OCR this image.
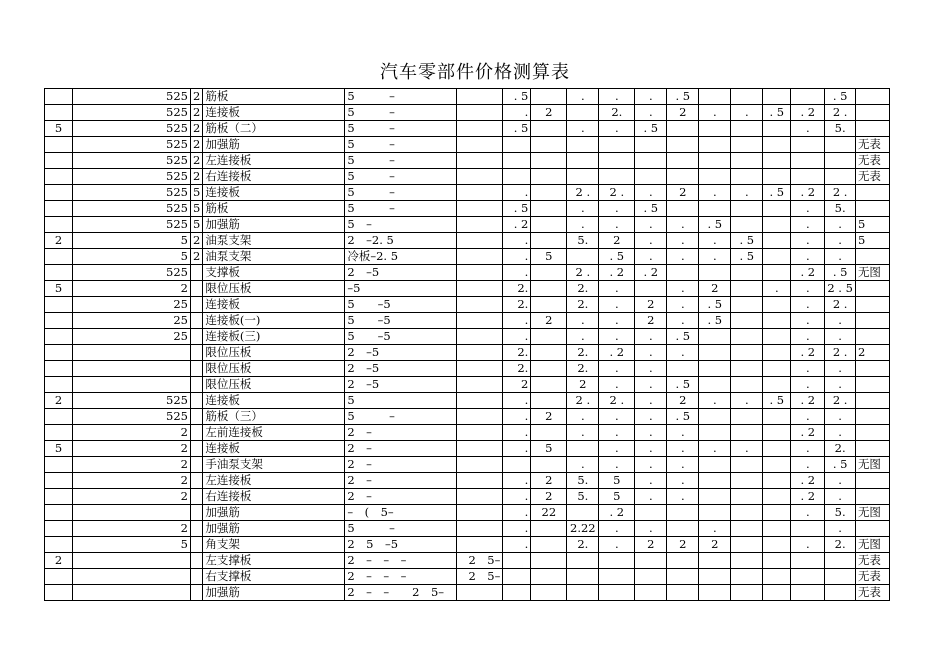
汽车零部件价格测算表
	525	2	筋板	5　　　–		. 5		.	.	.	. 5					. 5	
	525	2	连接板	5　　　–		.	2		2.	.	2	.	.	. 5	. 2	2 .	
5	525	2	筋板（二）	5　　　–		. 5		.	.	. 5					.	5.	
	525	2	加强筋	5　　　–													无表
	525	2	左连接板	5　　　–													无表
	525	2	右连接板	5　　　–													无表
	525	5	连接板	5　　　–		.		2 .	2 .	.	2	.	.	. 5	. 2	2 .	
	525	5	筋板	5　　　–		. 5		.	.	. 5					.	5.	
	525	5	加强筋	5　–		. 2		.	.	.	.	. 5			.	.	5
2	5	2	油泵支架	2　–2. 5		.		5.	2	.	.	.	. 5		.	.	5
	5	2	油泵支架	冷板–2. 5		.	5		. 5	.	.	.	. 5		.	.	
	525		支撑板	2　–5		.		2 .	. 2	. 2					. 2	. 5	无图
5	2		限位压板	–5		2.		2.	.		.	2		.	.	2 . 5	
	25		连接板	5　　–5		2.		2.	.	2	.	. 5			.	2 .	
	25		连接板(一)	5　　–5		.	2	.	.	2	.	. 5			.	.	
	25		连接板(三)	5　　–5		.		.	.	.	. 5				.	.	
			限位压板	2　–5		2.		2.	. 2	.	.				. 2	2 .	2
			限位压板	2　–5		2.		2.	.	.					.	.	
			限位压板	2　–5		2		2	.	.	. 5				.	.	
2	525		连接板	5		.		2 .	2 .	.	2	.	.	. 5	. 2	2 .	
	525		筋板（三）	5　　　–		.	2	.	.	.	. 5				.	.	
	2		左前连接板	2　–		.		.	.	.	.				. 2	.	
5	2		连接板	2　–		.	5		.	.	.	.	.		.	2.	
	2		手油泵支架	2　–				.	.	.	.				.	. 5	无图
	2		左连接板	2　–		.	2	5.	5	.	.				. 2	.	
	2		右连接板	2　–		.	2	5.	5	.	.				. 2	.	
			加强筋	–　(　5–		.	22		. 2						.	5.	无图
	2		加强筋	5　　　–		.		2.22	.	.		.				.	
	5		角支架	2　5　–5		.		2.	.	2	2	2			.	2.	无图
2			左支撑板	2　–　–　–	2　5–												无表
			右支撑板	2　–　–　–	2　5–												无表
			加强筋	2　–　–　　2　5–													无表
